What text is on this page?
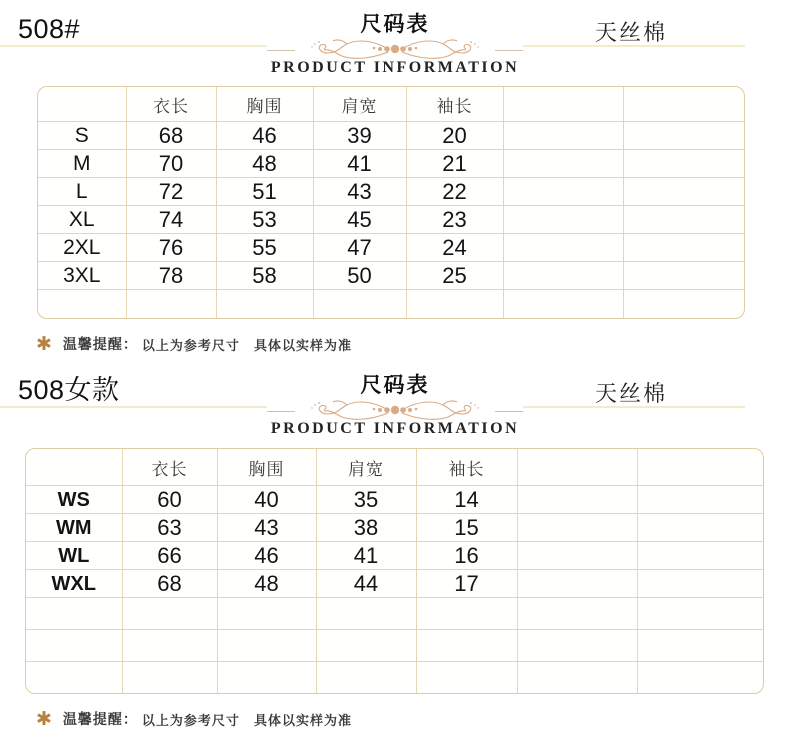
508#	尺码表
PRODUCT INFORMATION
天丝棉
	衣长	胸围	肩宽	袖长		
S	68	46	39	20		
M	70	48	41	21		
L	72	51	43	22		
XL	74	53	45	23		
2XL	76	55	47	24		
3XL	78	58	50	25		

✱ 温馨提醒： 以上为参考尺寸 具体以实样为准
508女款	尺码表
PRODUCT INFORMATION
天丝棉
	衣长	胸围	肩宽	袖长		
WS	60	40	35	14		
WM	63	43	38	15		
WL	66	46	41	16		
WXL	68	48	44	17		

✱ 温馨提醒： 以上为参考尺寸 具体以实样为准
